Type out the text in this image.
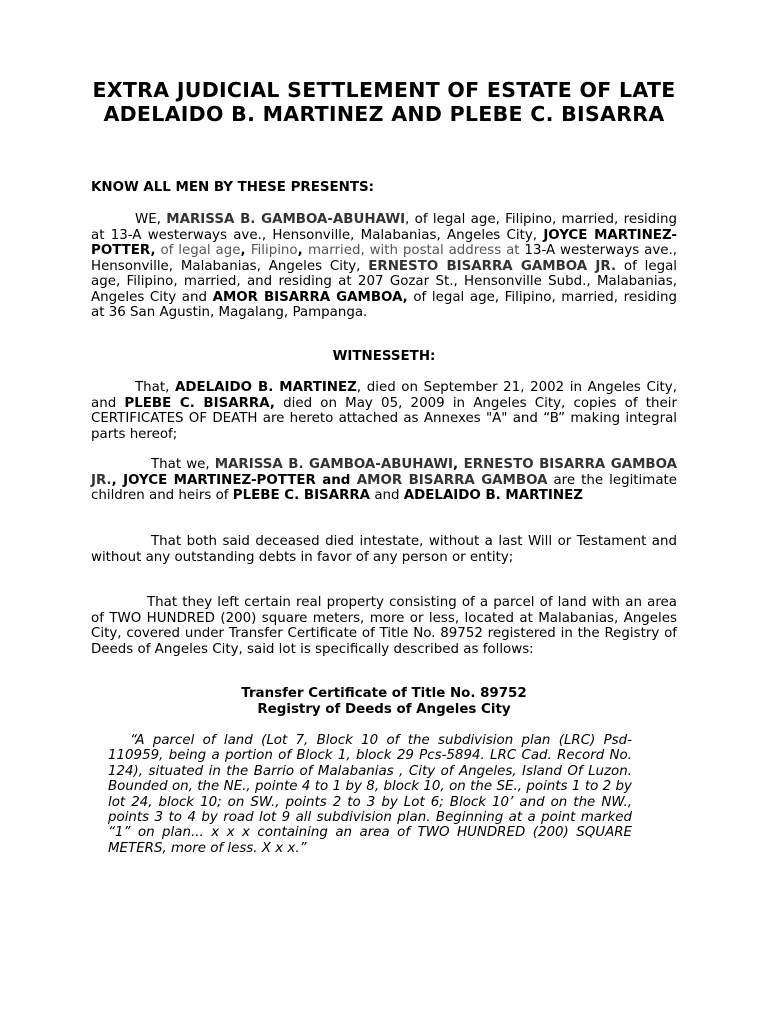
EXTRA JUDICIAL SETTLEMENT OF ESTATE OF LATE ADELAIDO B. MARTINEZ AND PLEBE C. BISARRA
KNOW ALL MEN BY THESE PRESENTS:
WE, MARISSA B. GAMBOA-ABUHAWI, of legal age, Filipino, married, residing at 13-A westerways ave., Hensonville, Malabanias, Angeles City, JOYCE MARTINEZ-POTTER, of legal age, Filipino, married, with postal address at 13-A westerways ave., Hensonville, Malabanias, Angeles City, ERNESTO BISARRA GAMBOA JR. of legal age, Filipino, married, and residing at 207 Gozar St., Hensonville Subd., Malabanias, Angeles City and AMOR BISARRA GAMBOA, of legal age, Filipino, married, residing at 36 San Agustin, Magalang, Pampanga.
WITNESSETH:
That, ADELAIDO B. MARTINEZ, died on September 21, 2002 in Angeles City, and PLEBE C. BISARRA, died on May 05, 2009 in Angeles City, copies of their CERTIFICATES OF DEATH are hereto attached as Annexes "A" and “B” making integral parts hereof;
That we, MARISSA B. GAMBOA-ABUHAWI, ERNESTO BISARRA GAMBOA JR., JOYCE MARTINEZ-POTTER and AMOR BISARRA GAMBOA are the legitimate children and heirs of PLEBE C. BISARRA and ADELAIDO B. MARTINEZ
That both said deceased died intestate, without a last Will or Testament and without any outstanding debts in favor of any person or entity;
That they left certain real property consisting of a parcel of land with an area of TWO HUNDRED (200) square meters, more or less, located at Malabanias, Angeles City, covered under Transfer Certificate of Title No. 89752 registered in the Registry of Deeds of Angeles City, said lot is specifically described as follows:
Transfer Certificate of Title No. 89752
Registry of Deeds of Angeles City
“A parcel of land (Lot 7, Block 10 of the subdivision plan (LRC) Psd-110959, being a portion of Block 1, block 29 Pcs-5894. LRC Cad. Record No. 124), situated in the Barrio of Malabanias , City of Angeles, Island Of Luzon. Bounded on, the NE., pointe 4 to 1 by 8, block 10, on the SE., points 1 to 2 by lot 24, block 10; on SW., points 2 to 3 by Lot 6; Block 10’ and on the NW., points 3 to 4 by road lot 9 all subdivision plan. Beginning at a point marked “1” on plan... x x x containing an area of TWO HUNDRED (200) SQUARE METERS, more of less. X x x.”
